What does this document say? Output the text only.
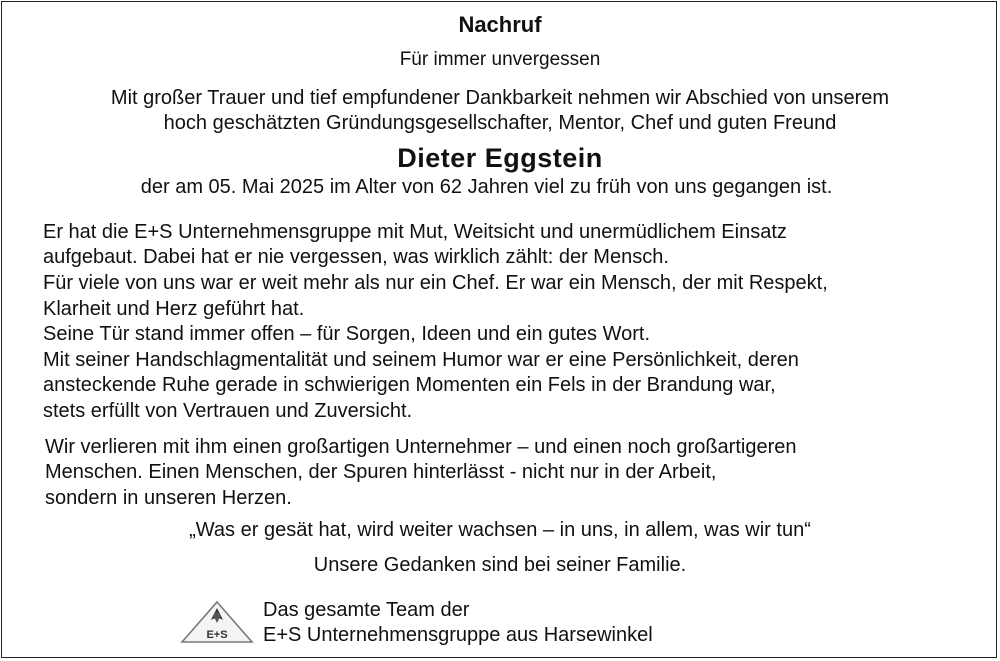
Nachruf
Für immer unvergessen
Mit großer Trauer und tief empfundener Dankbarkeit nehmen wir Abschied von unserem
hoch geschätzten Gründungsgesellschafter, Mentor, Chef und guten Freund
Dieter Eggstein
der am 05. Mai 2025 im Alter von 62 Jahren viel zu früh von uns gegangen ist.
Er hat die E+S Unternehmensgruppe mit Mut, Weitsicht und unermüdlichem Einsatz
aufgebaut. Dabei hat er nie vergessen, was wirklich zählt: der Mensch.
Für viele von uns war er weit mehr als nur ein Chef. Er war ein Mensch, der mit Respekt,
Klarheit und Herz geführt hat.
Seine Tür stand immer offen – für Sorgen, Ideen und ein gutes Wort.
Mit seiner Handschlagmentalität und seinem Humor war er eine Persönlichkeit, deren
ansteckende Ruhe gerade in schwierigen Momenten ein Fels in der Brandung war,
stets erfüllt von Vertrauen und Zuversicht.
Wir verlieren mit ihm einen großartigen Unternehmer – und einen noch großartigeren
Menschen. Einen Menschen, der Spuren hinterlässt - nicht nur in der Arbeit,
sondern in unseren Herzen.
„Was er gesät hat, wird weiter wachsen – in uns, in allem, was wir tun“
Unsere Gedanken sind bei seiner Familie.
E+S
Das gesamte Team der
E+S Unternehmensgruppe aus Harsewinkel
